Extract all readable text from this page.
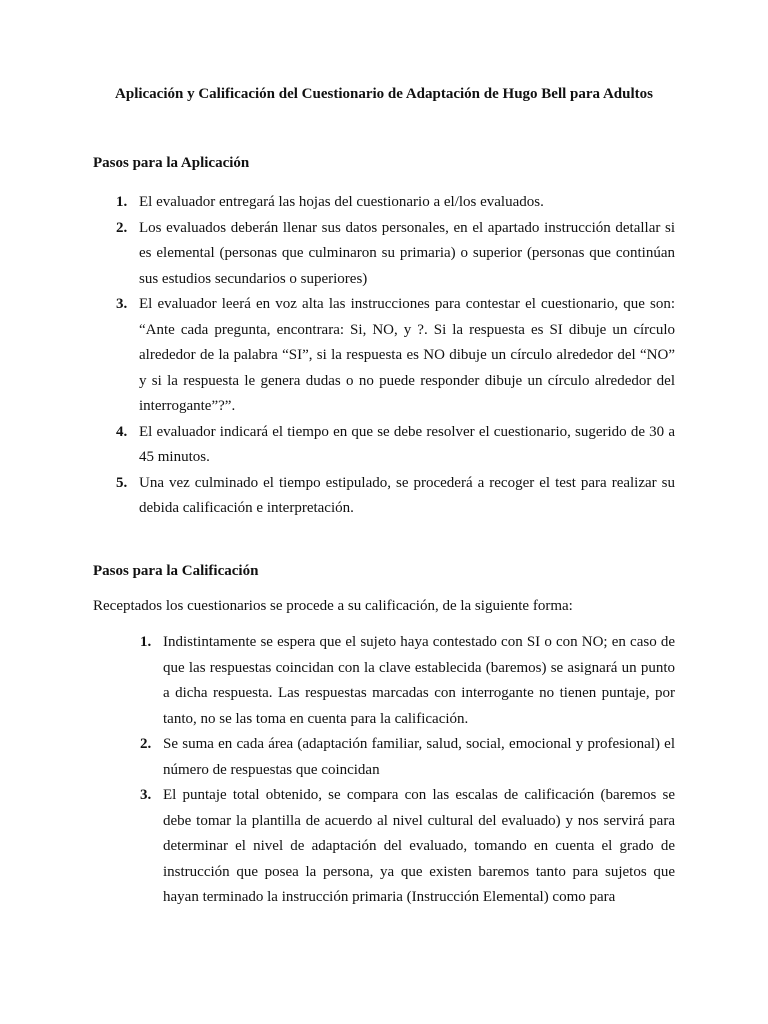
Aplicación y Calificación del Cuestionario de Adaptación de Hugo Bell para Adultos
Pasos para la Aplicación
1. El evaluador entregará las hojas del cuestionario a el/los evaluados.
2. Los evaluados deberán llenar sus datos personales, en el apartado instrucción detallar si es elemental (personas que culminaron su primaria) o superior (personas que continúan sus estudios secundarios o superiores)
3. El evaluador leerá en voz alta las instrucciones para contestar el cuestionario, que son: “Ante cada pregunta, encontrara: Si, NO, y ?. Si la respuesta es SI dibuje un círculo alrededor de la palabra “SI”, si la respuesta es NO dibuje un círculo alrededor del “NO” y si la respuesta le genera dudas o no puede responder dibuje un círculo alrededor del interrogante”?”.
4. El evaluador indicará el tiempo en que se debe resolver el cuestionario, sugerido de 30 a 45 minutos.
5. Una vez culminado el tiempo estipulado, se procederá a recoger el test para realizar su debida calificación e interpretación.
Pasos para la Calificación

Receptados los cuestionarios se procede a su calificación, de la siguiente forma:

1. Indistintamente se espera que el sujeto haya contestado con SI o con NO; en caso de que las respuestas coincidan con la clave establecida (baremos) se asignará un punto a dicha respuesta. Las respuestas marcadas con interrogante no tienen puntaje, por tanto, no se las toma en cuenta para la calificación.
2. Se suma en cada área (adaptación familiar, salud, social, emocional y profesional) el número de respuestas que coincidan
3. El puntaje total obtenido, se compara con las escalas de calificación (baremos se debe tomar la plantilla de acuerdo al nivel cultural del evaluado) y nos servirá para determinar el nivel de adaptación del evaluado, tomando en cuenta el grado de instrucción que posea la persona, ya que existen baremos tanto para sujetos que hayan terminado la instrucción primaria (Instrucción Elemental) como para
